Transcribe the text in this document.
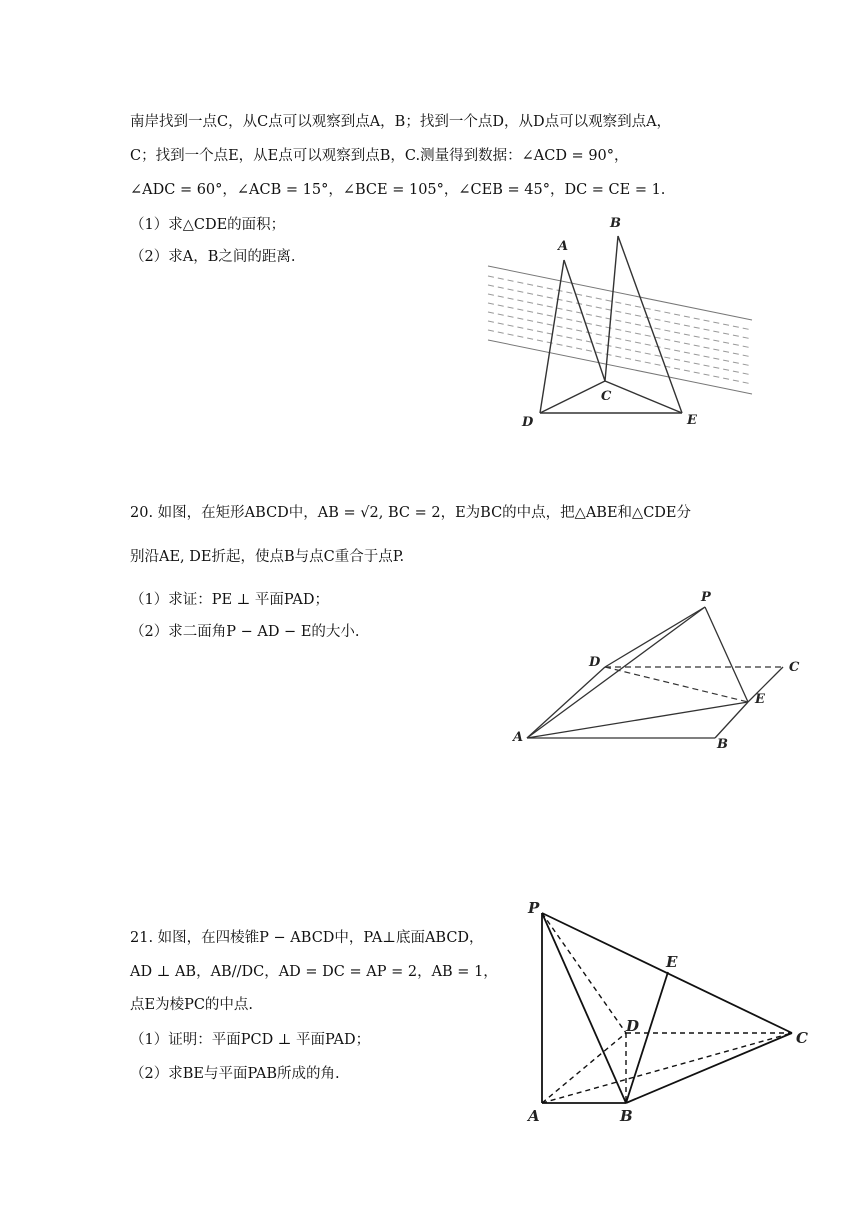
南岸找到一点C，从C点可以观察到点A，B；找到一个点D，从D点可以观察到点A，
C；找到一个点E，从E点可以观察到点B，C.测量得到数据：∠ACD = 90°，
∠ADC = 60°，∠ACB = 15°，∠BCE = 105°，∠CEB = 45°，DC = CE = 1.
（1）求△CDE的面积；
（2）求A，B之间的距离.
A
B
C
D	E
20. 如图，在矩形ABCD中，AB = √2, BC = 2，E为BC的中点，把△ABE和△CDE分
别沿AE, DE折起，使点B与点C重合于点P.
（1）求证：PE ⊥ 平面PAD；
（2）求二面角P − AD − E的大小.
P
D	C
E
A	B
21. 如图，在四棱锥P − ABCD中，PA⊥底面ABCD，
AD ⊥ AB，AB//DC，AD = DC = AP = 2，AB = 1，
点E为棱PC的中点.
（1）证明：平面PCD ⊥ 平面PAD；
（2）求BE与平面PAB所成的角.
P
E
D
C
A	B
